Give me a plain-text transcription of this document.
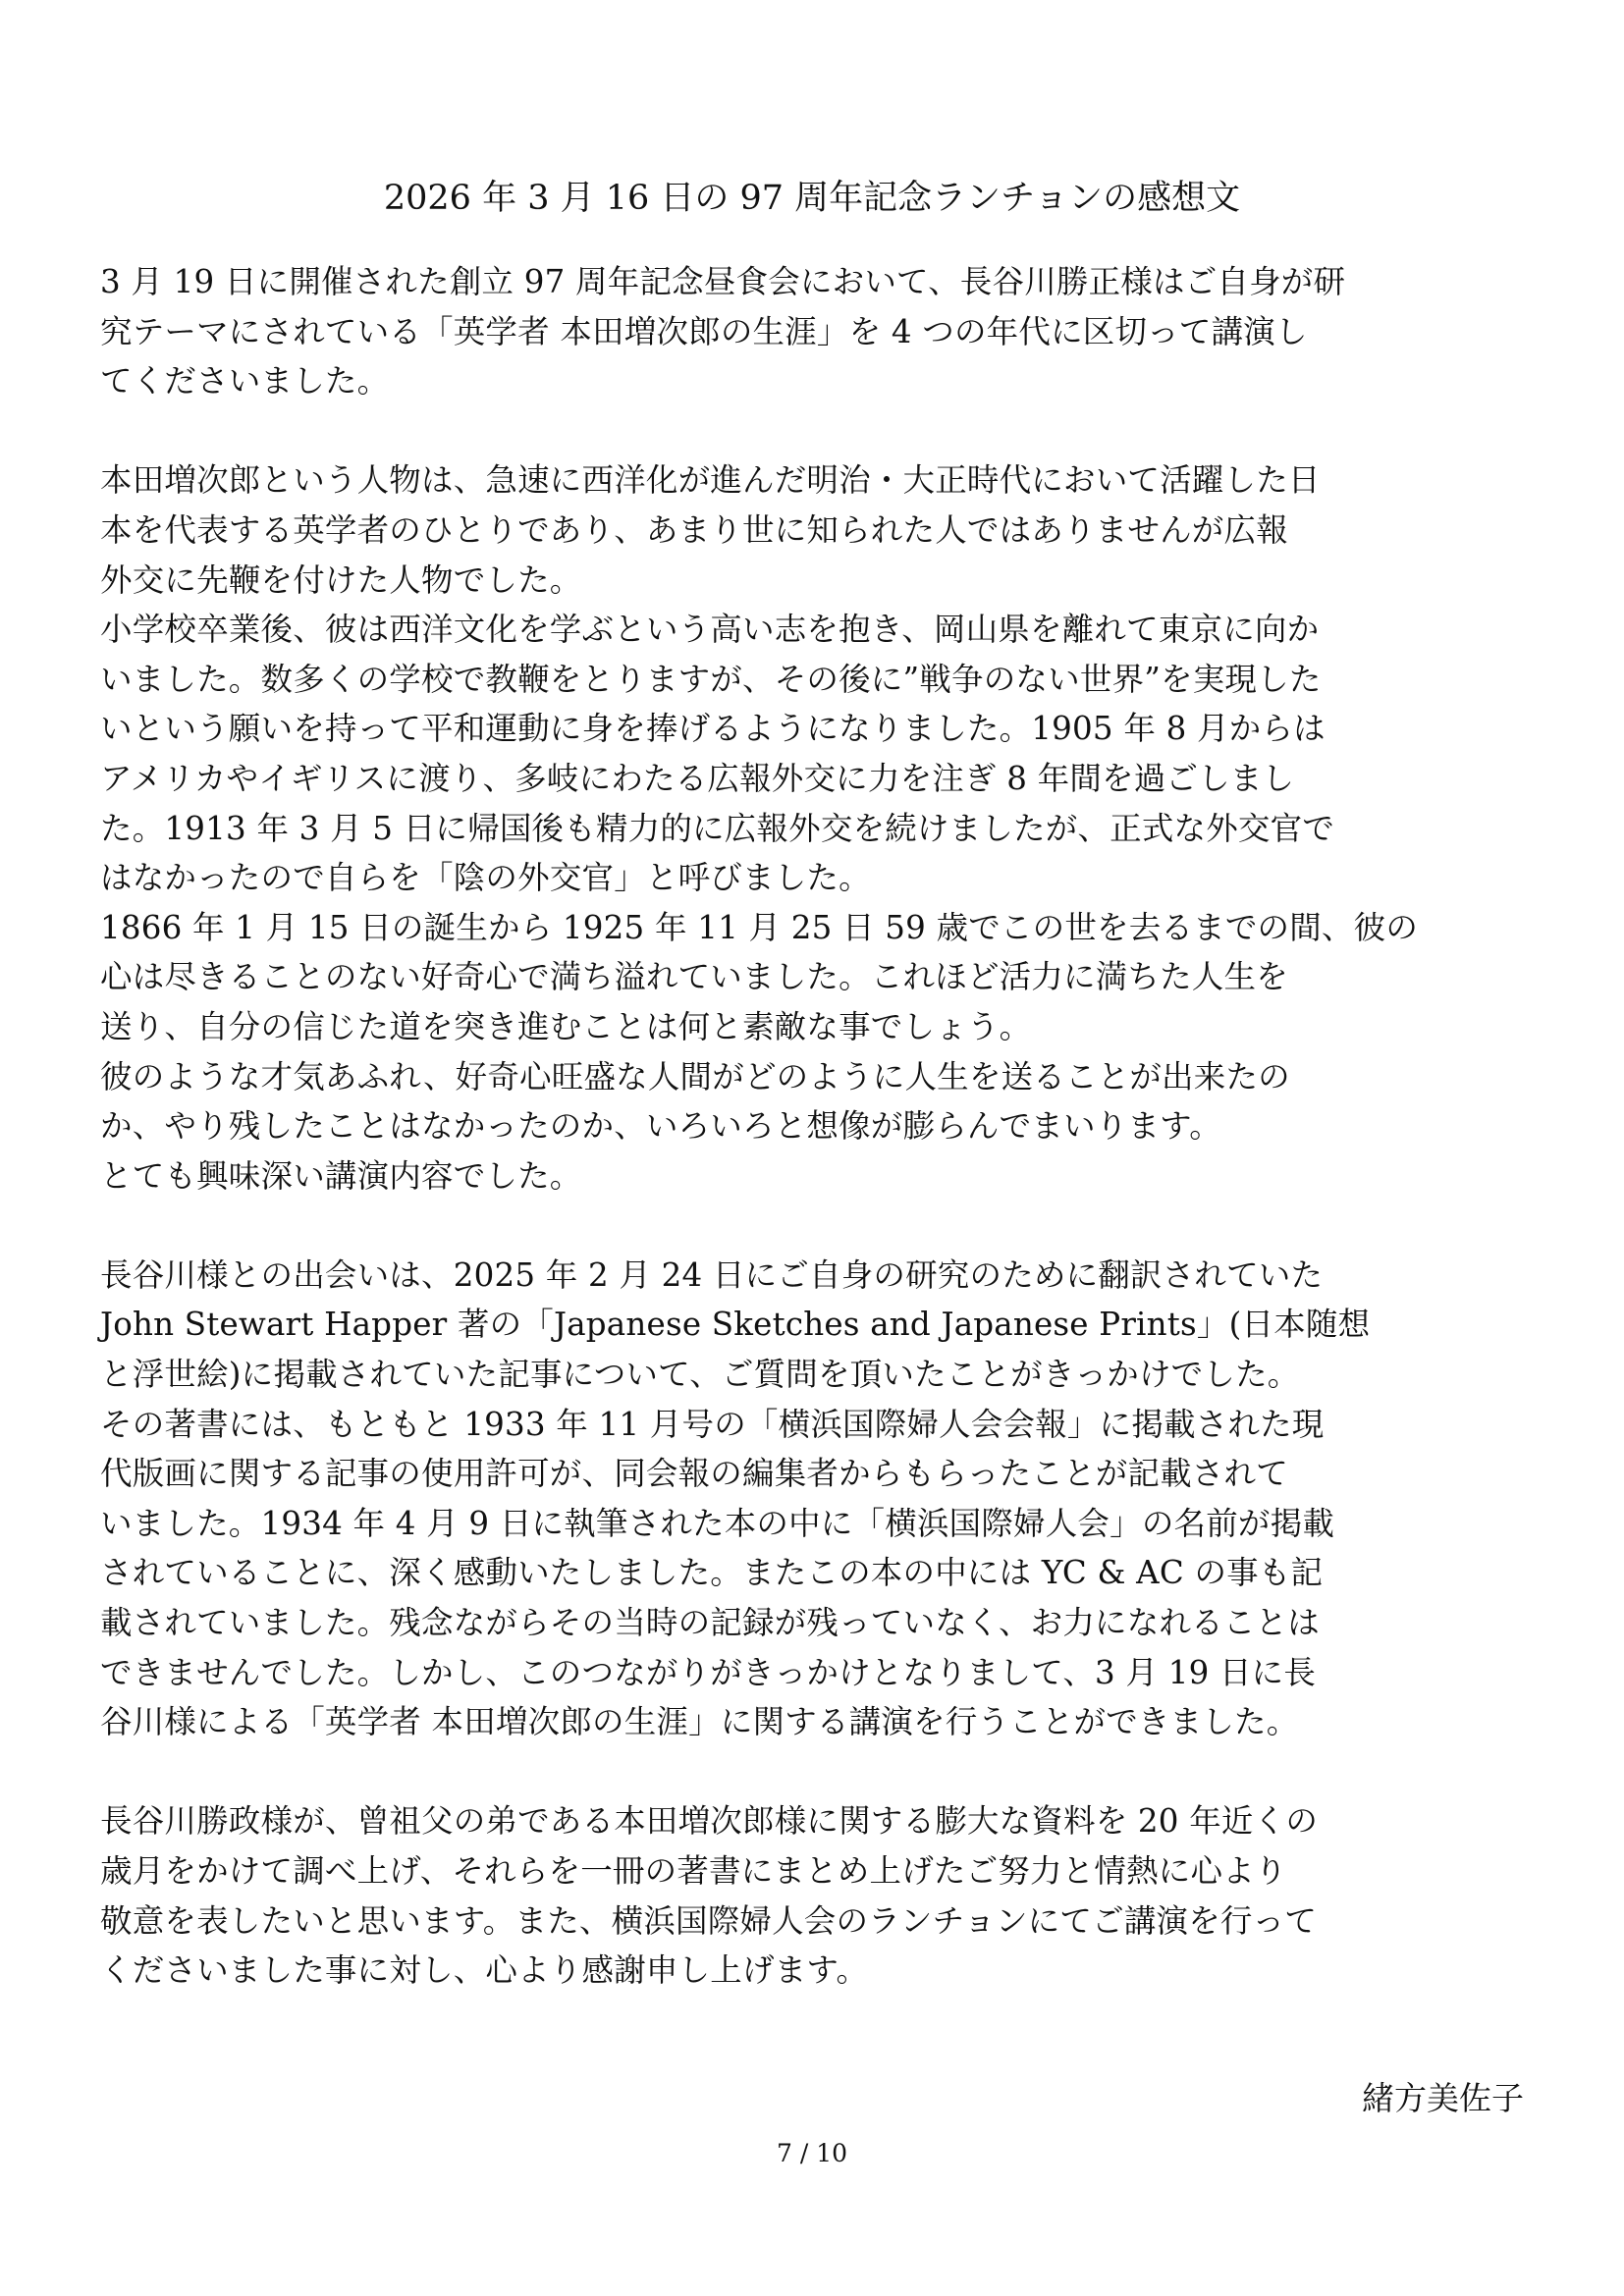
2026 年 3 月 16 日の 97 周年記念ランチョンの感想文
3 月 19 日に開催された創立 97 周年記念昼食会において、長谷川勝正様はご自身が研
究テーマにされている「英学者 本田増次郎の生涯」を 4 つの年代に区切って講演し
てくださいました。
本田増次郎という人物は、急速に西洋化が進んだ明治・大正時代において活躍した日
本を代表する英学者のひとりであり、あまり世に知られた人ではありませんが広報
外交に先鞭を付けた人物でした。
小学校卒業後、彼は西洋文化を学ぶという高い志を抱き、岡山県を離れて東京に向か
いました。数多くの学校で教鞭をとりますが、その後に”戦争のない世界”を実現した
いという願いを持って平和運動に身を捧げるようになりました。1905 年 8 月からは
アメリカやイギリスに渡り、多岐にわたる広報外交に力を注ぎ 8 年間を過ごしまし
た。1913 年 3 月 5 日に帰国後も精力的に広報外交を続けましたが、正式な外交官で
はなかったので自らを「陰の外交官」と呼びました。
1866 年 1 月 15 日の誕生から 1925 年 11 月 25 日 59 歳でこの世を去るまでの間、彼の
心は尽きることのない好奇心で満ち溢れていました。これほど活力に満ちた人生を
送り、自分の信じた道を突き進むことは何と素敵な事でしょう。
彼のような才気あふれ、好奇心旺盛な人間がどのように人生を送ることが出来たの
か、やり残したことはなかったのか、いろいろと想像が膨らんでまいります。
とても興味深い講演内容でした。
長谷川様との出会いは、2025 年 2 月 24 日にご自身の研究のために翻訳されていた
John Stewart Happer 著の「Japanese Sketches and Japanese Prints」(日本随想
と浮世絵)に掲載されていた記事について、ご質問を頂いたことがきっかけでした。
その著書には、もともと 1933 年 11 月号の「横浜国際婦人会会報」に掲載された現
代版画に関する記事の使用許可が、同会報の編集者からもらったことが記載されて
いました。1934 年 4 月 9 日に執筆された本の中に「横浜国際婦人会」の名前が掲載
されていることに、深く感動いたしました。またこの本の中には YC & AC の事も記
載されていました。残念ながらその当時の記録が残っていなく、お力になれることは
できませんでした。しかし、このつながりがきっかけとなりまして、3 月 19 日に長
谷川様による「英学者 本田増次郎の生涯」に関する講演を行うことができました。
長谷川勝政様が、曾祖父の弟である本田増次郎様に関する膨大な資料を 20 年近くの
歳月をかけて調べ上げ、それらを一冊の著書にまとめ上げたご努力と情熱に心より
敬意を表したいと思います。また、横浜国際婦人会のランチョンにてご講演を行って
くださいました事に対し、心より感謝申し上げます。
緒方美佐子
7 / 10
